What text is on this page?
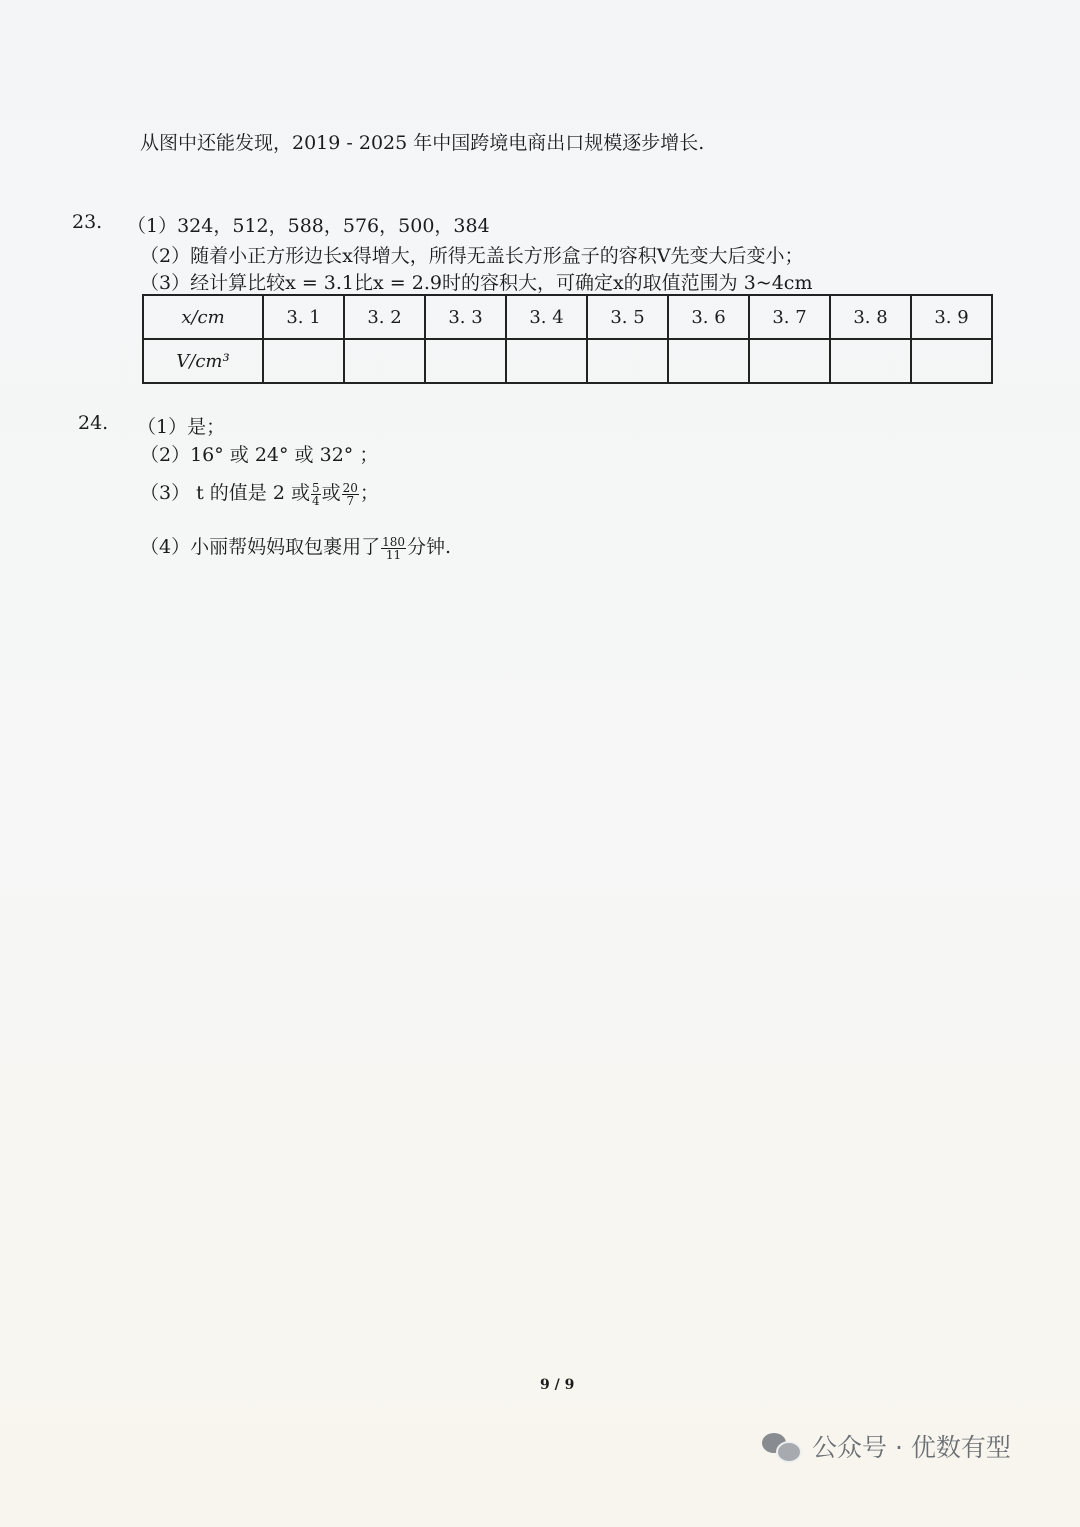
从图中还能发现，2019 - 2025 年中国跨境电商出口规模逐步增长.
23. （1）324，512，588，576，500，384
（2）随着小正方形边长x得增大，所得无盖长方形盒子的容积V先变大后变小；
（3）经计算比较x = 3.1比x = 2.9时的容积大，可确定x的取值范围为 3~4cm
x/cm	3. 1	3. 2	3. 3	3. 4	3. 5	3. 6	3. 7	3. 8	3. 9
V/cm³									
24. （1）是；
（2）16° 或 24° 或 32° ；
（3） t 的值是 2 或 $\frac{5}{4}$ 或 $\frac{20}{7}$ ；
（4）小丽帮妈妈取包裹用了 $\frac{180}{11}$ 分钟.
9 / 9
公众号 · 优数有型
